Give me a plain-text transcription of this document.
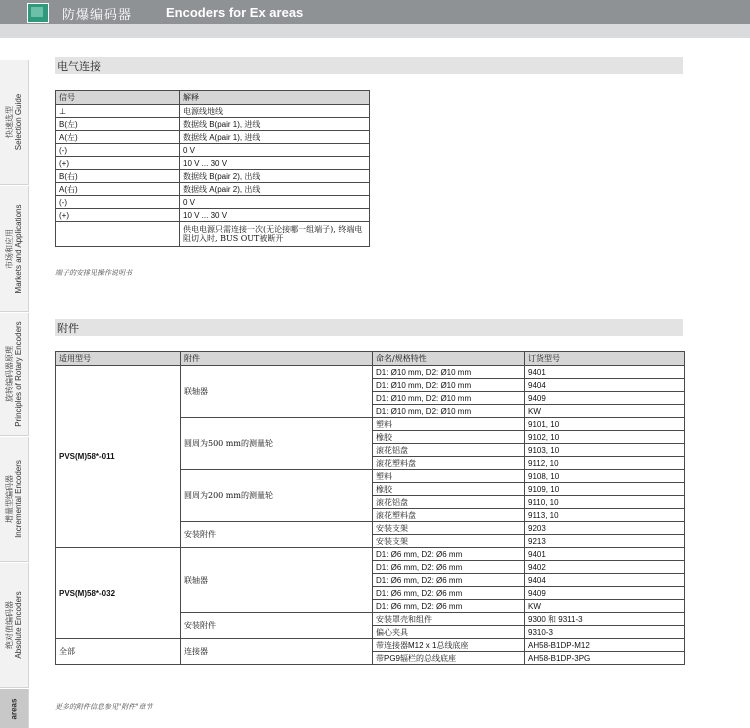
防爆编码器	Encoders for Ex areas
快速选型 Selection Guide
市场和应用 Markets and Applications
旋转编码器原理 Principles of Rotary Encoders
增量型编码器 Incremental Encoders
绝对值编码器 Absolute Encoders
areas
电气连接
信号	解释
⊥	电源线地线
B(左)	数据线 B(pair 1), 进线
A(左)	数据线 A(pair 1), 进线
(-)	0 V
(+)	10 V ... 30 V
B(右)	数据线 B(pair 2), 出线
A(右)	数据线 A(pair 2), 出线
(-)	0 V
(+)	10 V ... 30 V
	供电电源只需连接一次(无论接哪一组端子), 终端电阻切入时, BUS OUT被断开
端子的安排见操作说明书
附件
适用型号	附件	命名/规格特性	订货型号
PVS(M)58*-011	联轴器	D1: Ø10 mm, D2: Ø10 mm	9401
		D1: Ø10 mm, D2: Ø10 mm	9404
		D1: Ø10 mm, D2: Ø10 mm	9409
		D1: Ø10 mm, D2: Ø10 mm	KW
	圆周为500 mm的测量轮	塑料	9101, 10
		橡胶	9102, 10
		滚花铝盘	9103, 10
		滚花塑料盘	9112, 10
	圆周为200 mm的测量轮	塑料	9108, 10
		橡胶	9109, 10
		滚花铝盘	9110, 10
		滚花塑料盘	9113, 10
	安装附件	安装支架	9203
		安装支架	9213
PVS(M)58*-032	联轴器	D1: Ø6 mm, D2: Ø6 mm	9401
		D1: Ø6 mm, D2: Ø6 mm	9402
		D1: Ø6 mm, D2: Ø6 mm	9404
		D1: Ø6 mm, D2: Ø6 mm	9409
		D1: Ø6 mm, D2: Ø6 mm	KW
	安装附件	安装罩壳和组件	9300 和 9311-3
		偏心夹具	9310-3
全部	连接器	带连接器M12 x 1总线底座	AH58-B1DP-M12
		带PG9辐栏的总线底座	AH58-B1DP-3PG
更多的附件信息参见"附件"章节
